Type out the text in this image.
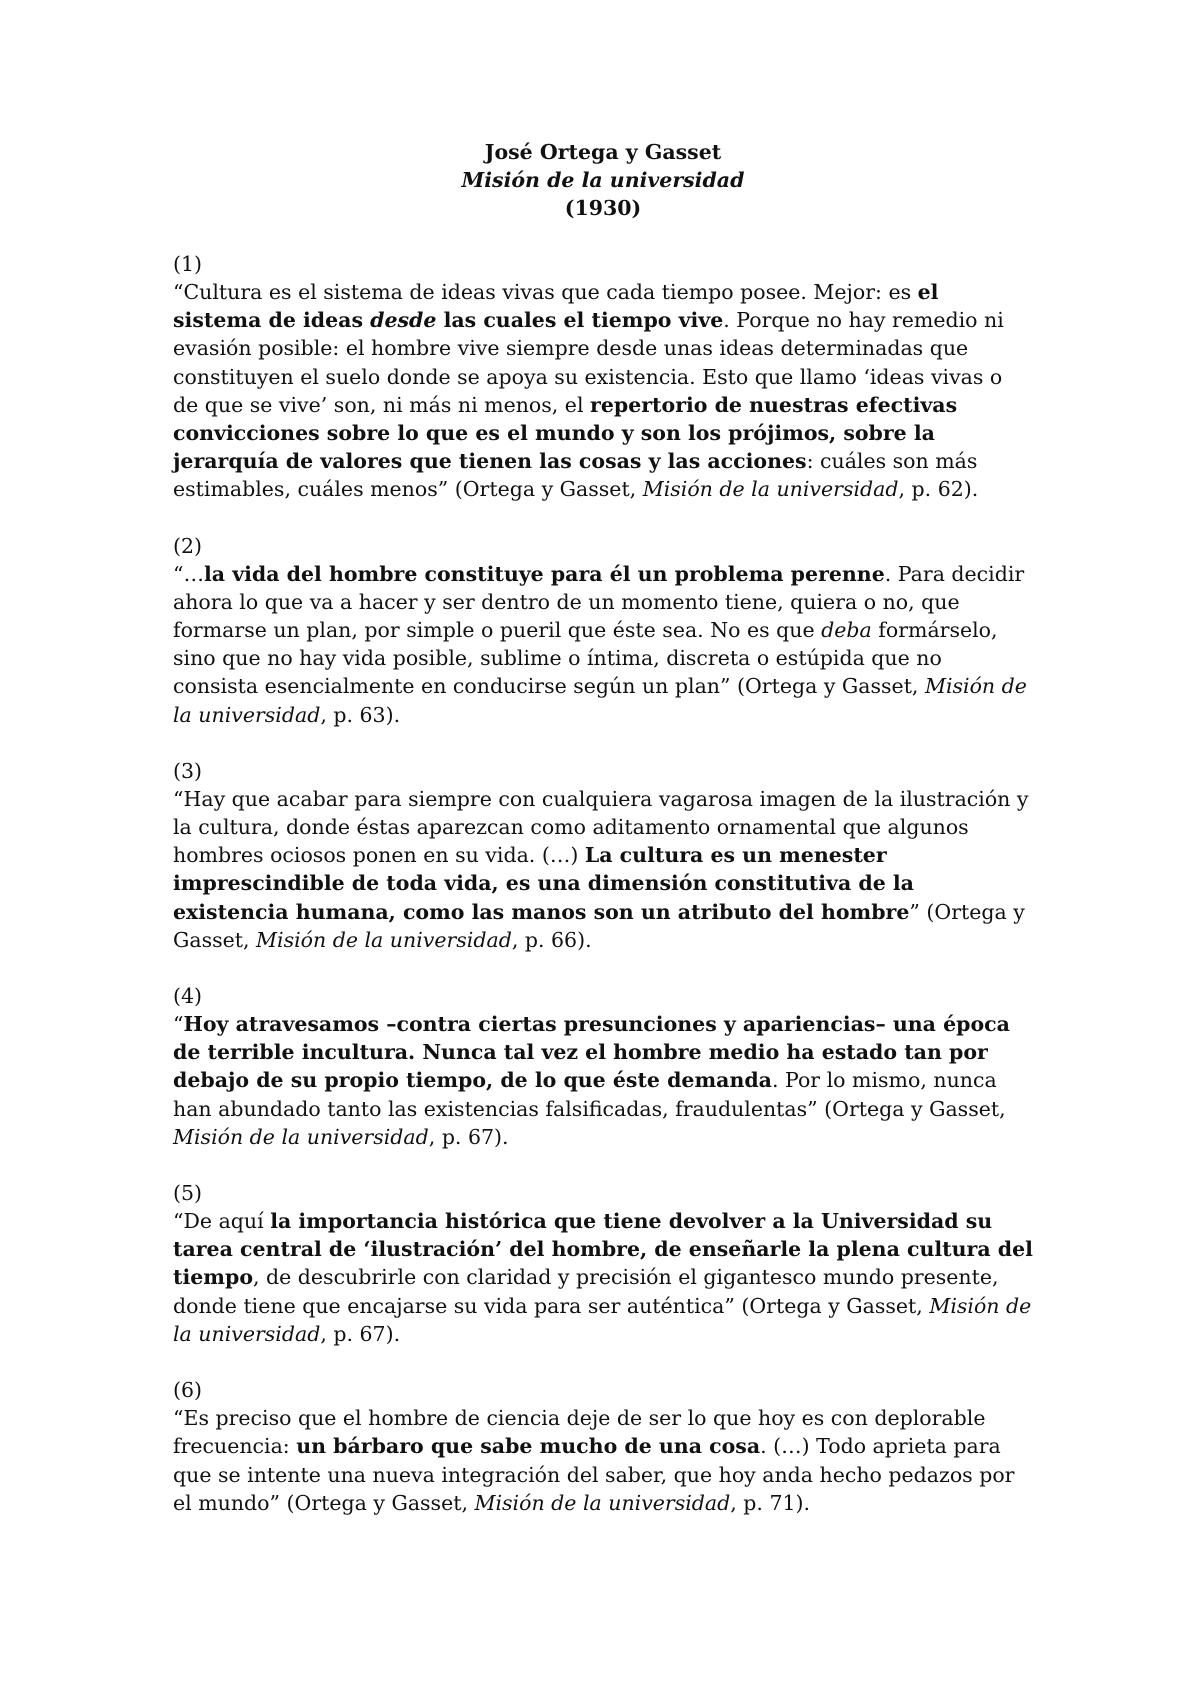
José Ortega y Gasset
Misión de la universidad
(1930)
(1)

“Cultura es el sistema de ideas vivas que cada tiempo posee. Mejor: es el sistema de ideas desde las cuales el tiempo vive. Porque no hay remedio ni evasión posible: el hombre vive siempre desde unas ideas determinadas que constituyen el suelo donde se apoya su existencia. Esto que llamo ‘ideas vivas o de que se vive’ son, ni más ni menos, el repertorio de nuestras efectivas convicciones sobre lo que es el mundo y son los prójimos, sobre la jerarquía de valores que tienen las cosas y las acciones: cuáles son más estimables, cuáles menos” (Ortega y Gasset, Misión de la universidad, p. 62).

(2)

“…la vida del hombre constituye para él un problema perenne. Para decidir ahora lo que va a hacer y ser dentro de un momento tiene, quiera o no, que formarse un plan, por simple o pueril que éste sea. No es que deba formárselo, sino que no hay vida posible, sublime o íntima, discreta o estúpida que no consista esencialmente en conducirse según un plan” (Ortega y Gasset, Misión de la universidad, p. 63).

(3)

“Hay que acabar para siempre con cualquiera vagarosa imagen de la ilustración y la cultura, donde éstas aparezcan como aditamento ornamental que algunos hombres ociosos ponen en su vida. (…) La cultura es un menester imprescindible de toda vida, es una dimensión constitutiva de la existencia humana, como las manos son un atributo del hombre” (Ortega y Gasset, Misión de la universidad, p. 66).

(4)

“Hoy atravesamos –contra ciertas presunciones y apariencias– una época de terrible incultura. Nunca tal vez el hombre medio ha estado tan por debajo de su propio tiempo, de lo que éste demanda. Por lo mismo, nunca han abundado tanto las existencias falsificadas, fraudulentas” (Ortega y Gasset, Misión de la universidad, p. 67).

(5)

“De aquí la importancia histórica que tiene devolver a la Universidad su tarea central de ‘ilustración’ del hombre, de enseñarle la plena cultura del tiempo, de descubrirle con claridad y precisión el gigantesco mundo presente, donde tiene que encajarse su vida para ser auténtica” (Ortega y Gasset, Misión de la universidad, p. 67).

(6)

“Es preciso que el hombre de ciencia deje de ser lo que hoy es con deplorable frecuencia: un bárbaro que sabe mucho de una cosa. (…) Todo aprieta para que se intente una nueva integración del saber, que hoy anda hecho pedazos por el mundo” (Ortega y Gasset, Misión de la universidad, p. 71).
